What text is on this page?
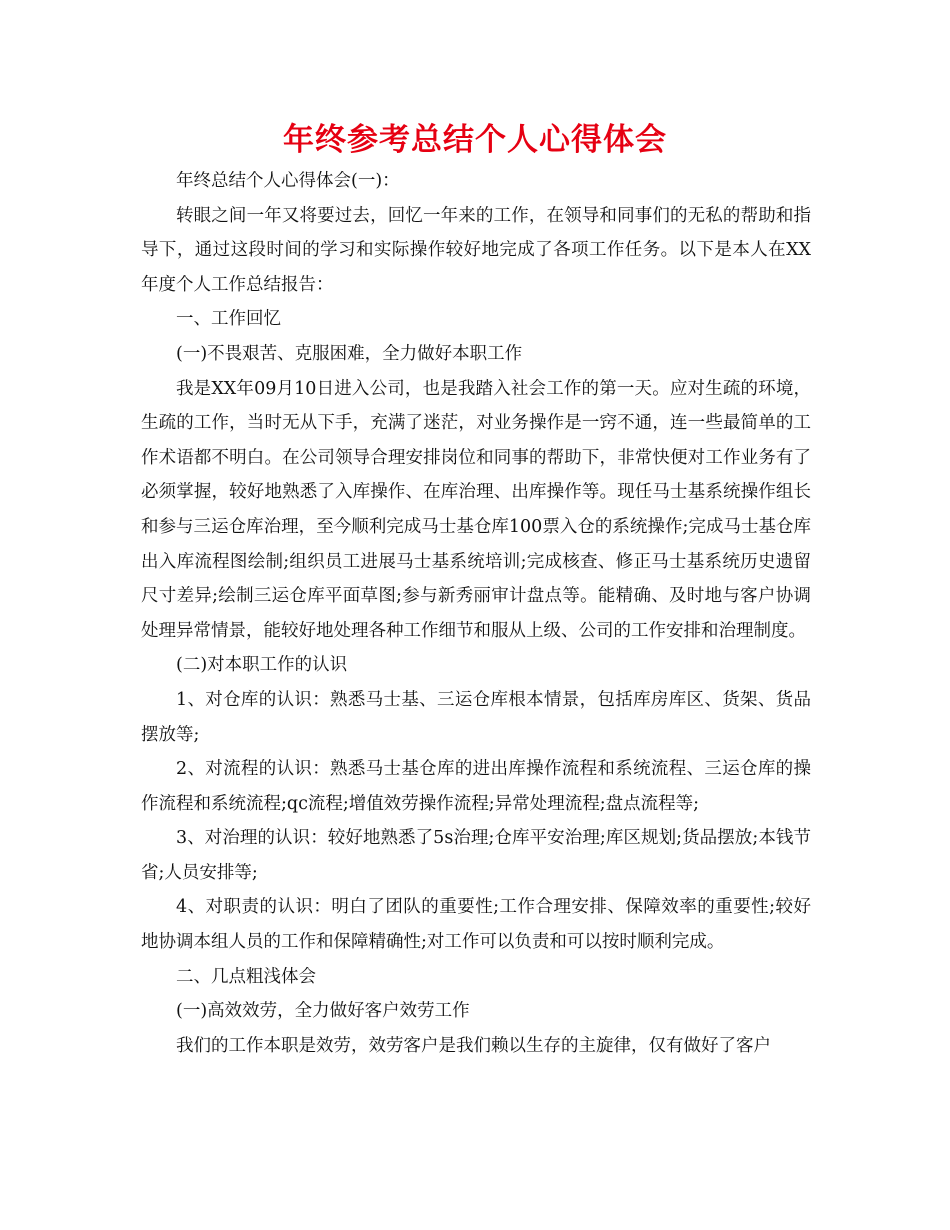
年终参考总结个人心得体会

年终总结个人心得体会(一)：

转眼之间一年又将要过去，回忆一年来的工作，在领导和同事们的无私的帮助和指导下，通过这段时间的学习和实际操作较好地完成了各项工作任务。以下是本人在XX年度个人工作总结报告：

一、工作回忆

(一)不畏艰苦、克服困难，全力做好本职工作

我是XX年09月10日进入公司，也是我踏入社会工作的第一天。应对生疏的环境，生疏的工作，当时无从下手，充满了迷茫，对业务操作是一窍不通，连一些最简单的工作术语都不明白。在公司领导合理安排岗位和同事的帮助下，非常快便对工作业务有了必须掌握，较好地熟悉了入库操作、在库治理、出库操作等。现任马士基系统操作组长和参与三运仓库治理，至今顺利完成马士基仓库100票入仓的系统操作;完成马士基仓库出入库流程图绘制;组织员工进展马士基系统培训;完成核查、修正马士基系统历史遗留尺寸差异;绘制三运仓库平面草图;参与新秀丽审计盘点等。能精确、及时地与客户协调处理异常情景，能较好地处理各种工作细节和服从上级、公司的工作安排和治理制度。

(二)对本职工作的认识

1、对仓库的认识：熟悉马士基、三运仓库根本情景，包括库房库区、货架、货品摆放等;

2、对流程的认识：熟悉马士基仓库的进出库操作流程和系统流程、三运仓库的操作流程和系统流程;qc流程;增值效劳操作流程;异常处理流程;盘点流程等;

3、对治理的认识：较好地熟悉了5s治理;仓库平安治理;库区规划;货品摆放;本钱节省;人员安排等;

4、对职责的认识：明白了团队的重要性;工作合理安排、保障效率的重要性;较好地协调本组人员的工作和保障精确性;对工作可以负责和可以按时顺利完成。

二、几点粗浅体会

(一)高效效劳，全力做好客户效劳工作

我们的工作本职是效劳，效劳客户是我们赖以生存的主旋律，仅有做好了客户
